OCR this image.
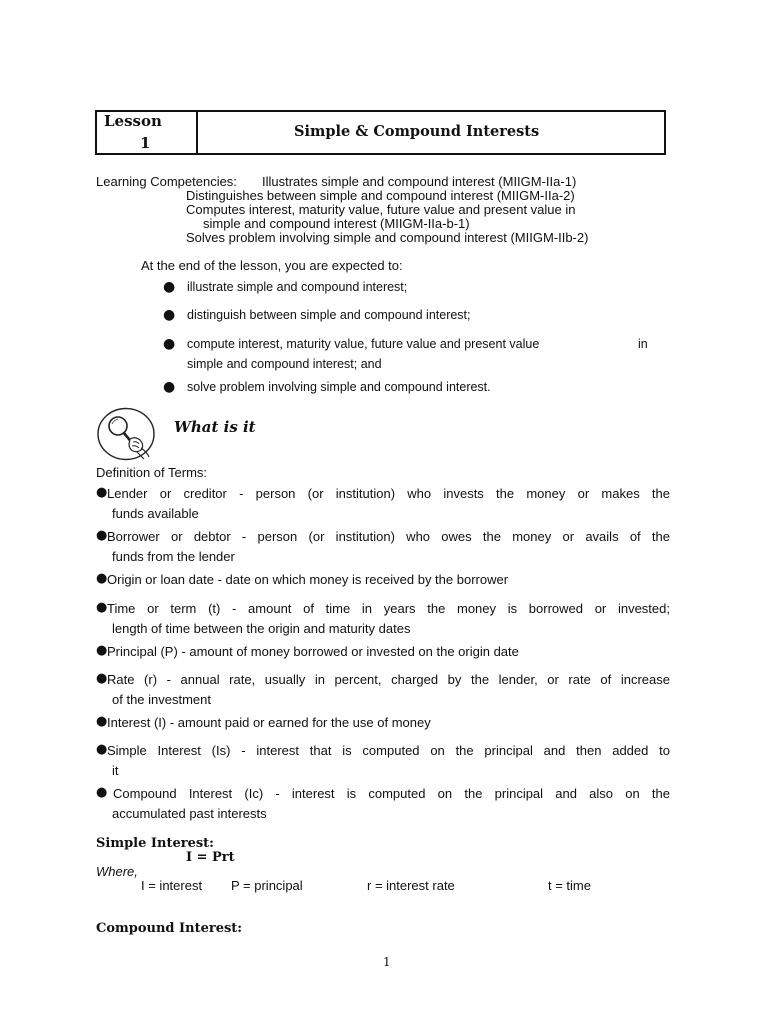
Lesson
1
Simple & Compound Interests
Learning Competencies: Illustrates simple and compound interest (MIIGM-IIa-1)
Distinguishes between simple and compound interest (MIIGM-IIa-2)
Computes interest, maturity value, future value and present value in
simple and compound interest (MIIGM-IIa-b-1)
Solves problem involving simple and compound interest (MIIGM-IIb-2)
At the end of the lesson, you are expected to:
● illustrate simple and compound interest;
● distinguish between simple and compound interest;
● compute interest, maturity value, future value and present value	in
simple and compound interest; and
● solve problem involving simple and compound interest.
What is it
Definition of Terms:
● Lender or creditor - person (or institution) who invests the money or makes the
funds available
● Borrower or debtor - person (or institution) who owes the money or avails of the
funds from the lender
● Origin or loan date - date on which money is received by the borrower
● Time or term (t) - amount of time in years the money is borrowed or invested;
length of time between the origin and maturity dates
● Principal (P) - amount of money borrowed or invested on the origin date
● Rate (r) - annual rate, usually in percent, charged by the lender, or rate of increase
of the investment
● Interest (I) - amount paid or earned for the use of money
● Simple Interest (Is) - interest that is computed on the principal and then added to
it
● Compound Interest (Ic) - interest is computed on the principal and also on the
accumulated past interests
Simple Interest:
I = Prt
Where,
I = interest P = principal	r = interest rate	t = time
Compound Interest:
1
